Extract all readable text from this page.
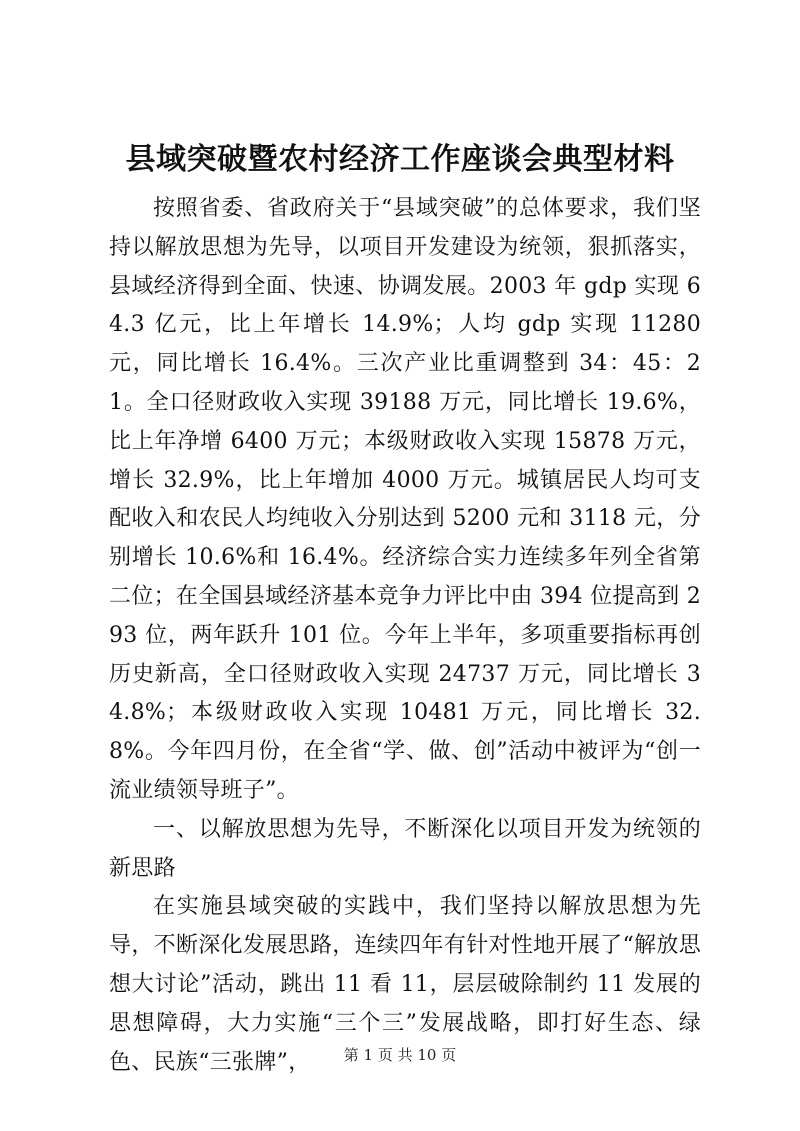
县域突破暨农村经济工作座谈会典型材料

按照省委、省政府关于“县域突破”的总体要求，我们坚持以解放思想为先导，以项目开发建设为统领，狠抓落实，县域经济得到全面、快速、协调发展。2003 年 gdp 实现 64.3 亿元，比上年增长 14.9%；人均 gdp 实现 11280 元，同比增长 16.4%。三次产业比重调整到 34：45：21。全口径财政收入实现 39188 万元，同比增长 19.6%，比上年净增 6400 万元；本级财政收入实现 15878 万元，增长 32.9%，比上年增加 4000 万元。城镇居民人均可支配收入和农民人均纯收入分别达到 5200 元和 3118 元，分别增长 10.6%和 16.4%。经济综合实力连续多年列全省第二位；在全国县域经济基本竞争力评比中由 394 位提高到 293 位，两年跃升 101 位。今年上半年，多项重要指标再创历史新高，全口径财政收入实现 24737 万元，同比增长 34.8%；本级财政收入实现 10481 万元，同比增长 32.8%。今年四月份，在全省“学、做、创”活动中被评为“创一流业绩领导班子”。

一、以解放思想为先导，不断深化以项目开发为统领的新思路

在实施县域突破的实践中，我们坚持以解放思想为先导，不断深化发展思路，连续四年有针对性地开展了“解放思想大讨论”活动，跳出 11 看 11，层层破除制约 11 发展的思想障碍，大力实施“三个三”发展战略，即打好生态、绿色、民族“三张牌”，	第 1 页 共 10 页
